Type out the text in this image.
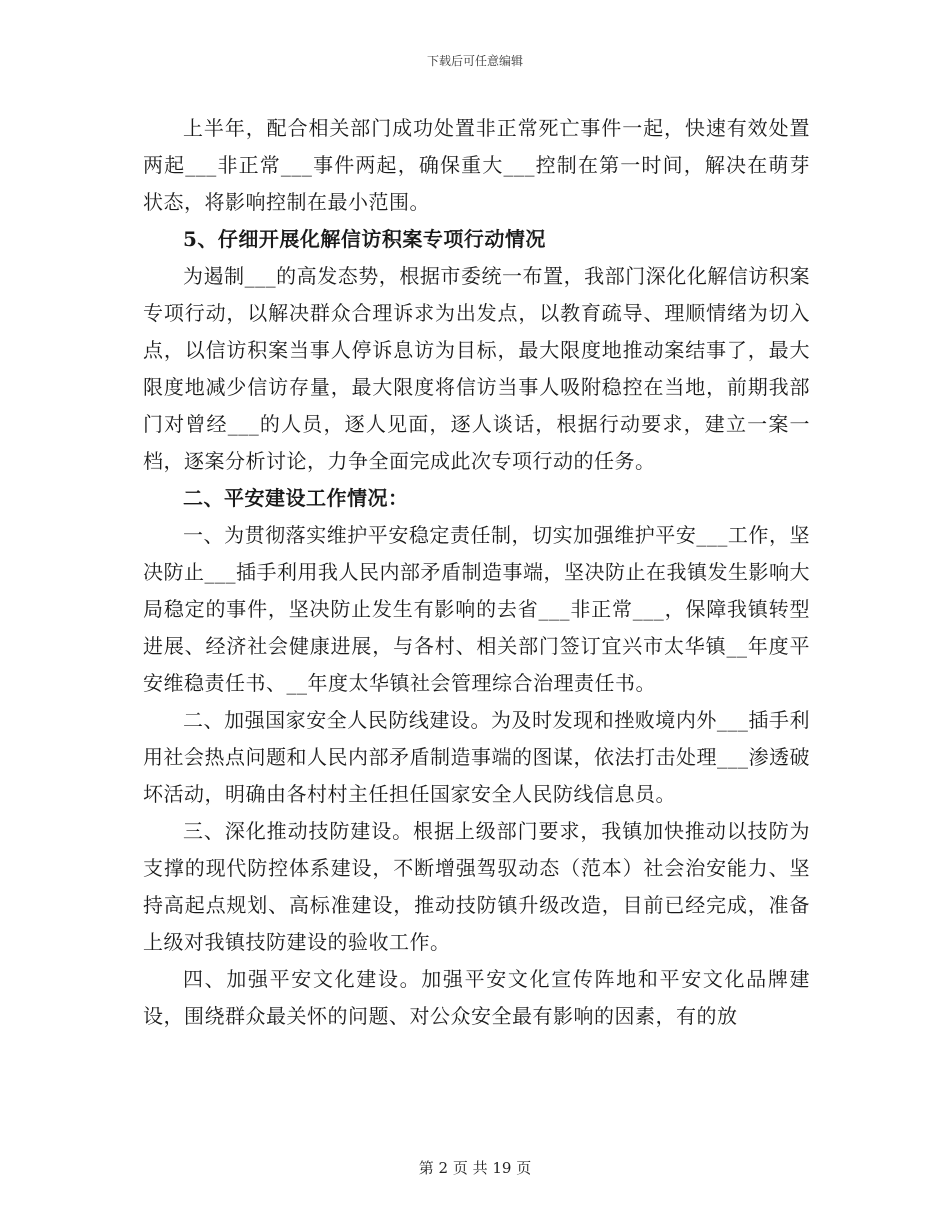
下载后可任意编辑

上半年，配合相关部门成功处置非正常死亡事件一起，快速有效处置两起___非正常___事件两起，确保重大___控制在第一时间，解决在萌芽状态，将影响控制在最小范围。

5、仔细开展化解信访积案专项行动情况

为遏制___的高发态势，根据市委统一布置，我部门深化化解信访积案专项行动，以解决群众合理诉求为出发点，以教育疏导、理顺情绪为切入点，以信访积案当事人停诉息访为目标，最大限度地推动案结事了，最大限度地减少信访存量，最大限度将信访当事人吸附稳控在当地，前期我部门对曾经___的人员，逐人见面，逐人谈话，根据行动要求，建立一案一档，逐案分析讨论，力争全面完成此次专项行动的任务。

二、平安建设工作情况：

一、为贯彻落实维护平安稳定责任制，切实加强维护平安___工作，坚决防止___插手利用我人民内部矛盾制造事端，坚决防止在我镇发生影响大局稳定的事件，坚决防止发生有影响的去省___非正常___，保障我镇转型进展、经济社会健康进展，与各村、相关部门签订宜兴市太华镇__年度平安维稳责任书、__年度太华镇社会管理综合治理责任书。

二、加强国家安全人民防线建设。为及时发现和挫败境内外___插手利用社会热点问题和人民内部矛盾制造事端的图谋，依法打击处理___渗透破坏活动，明确由各村村主任担任国家安全人民防线信息员。

三、深化推动技防建设。根据上级部门要求，我镇加快推动以技防为支撑的现代防控体系建设，不断增强驾驭动态（范本）社会治安能力、坚持高起点规划、高标准建设，推动技防镇升级改造，目前已经完成，准备上级对我镇技防建设的验收工作。

四、加强平安文化建设。加强平安文化宣传阵地和平安文化品牌建设，围绕群众最关怀的问题、对公众安全最有影响的因素，有的放

第 2 页 共 19 页
